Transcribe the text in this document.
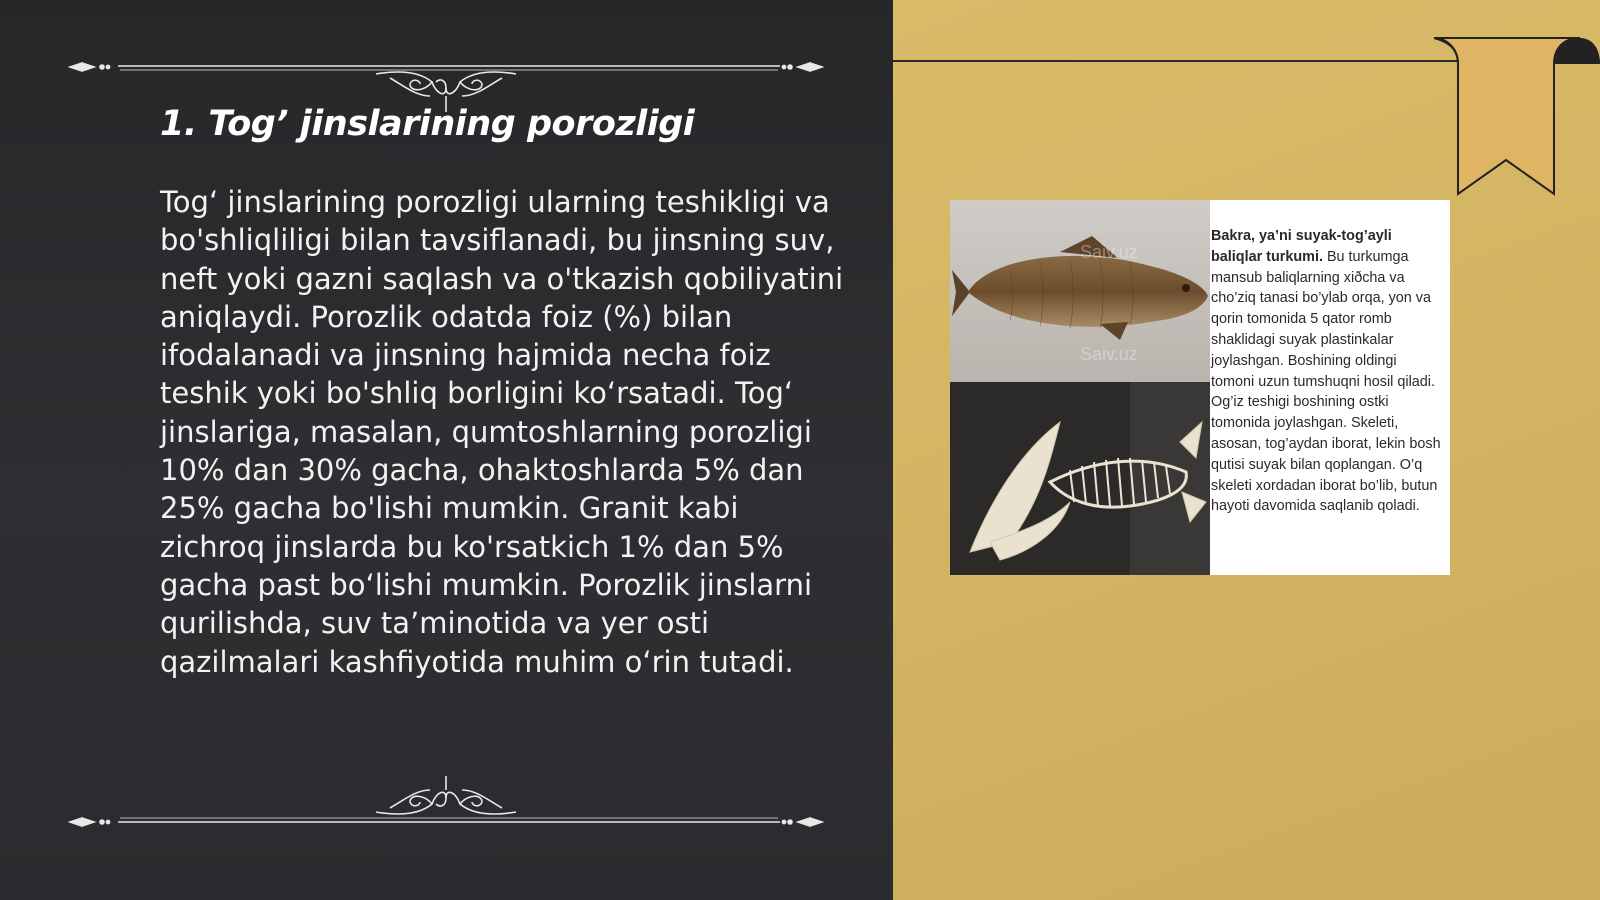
1. Tog’ jinslarining porozligi

Tog‘ jinslarining porozligi ularning teshikligi va bo'shliqliligi bilan tavsiflanadi, bu jinsning suv, neft yoki gazni saqlash va o'tkazish qobiliyatini aniqlaydi. Porozlik odatda foiz (%) bilan ifodalanadi va jinsning hajmida necha foiz teshik yoki bo'shliq borligini ko‘rsatadi. Tog‘ jinslariga, masalan, qumtoshlarning porozligi 10% dan 30% gacha, ohaktoshlarda 5% dan 25% gacha bo'lishi mumkin. Granit kabi zichroq jinslarda bu ko'rsatkich 1% dan 5% gacha past bo‘lishi mumkin. Porozlik jinslarni qurilishda, suv ta’minotida va yer osti qazilmalari kashfiyotida muhim o‘rin tutadi.

Saiv.uz
Saiv.uz
Bakra, ya’ni suyak-tog’ayli baliqlar turkumi. Bu turkumga mansub baliqlarning xiðcha va cho’ziq tanasi bo’ylab orqa, yon va qorin tomonida 5 qator romb shaklidagi suyak plastinkalar joylashgan. Boshining oldingi tomoni uzun tumshuqni hosil qiladi. Og’iz teshigi boshining ostki tomonida joylashgan. Skeleti, asosan, tog’aydan iborat, lekin bosh qutisi suyak bilan qoplangan. O’q skeleti xordadan iborat bo’lib, butun hayoti davomida saqlanib qoladi.
